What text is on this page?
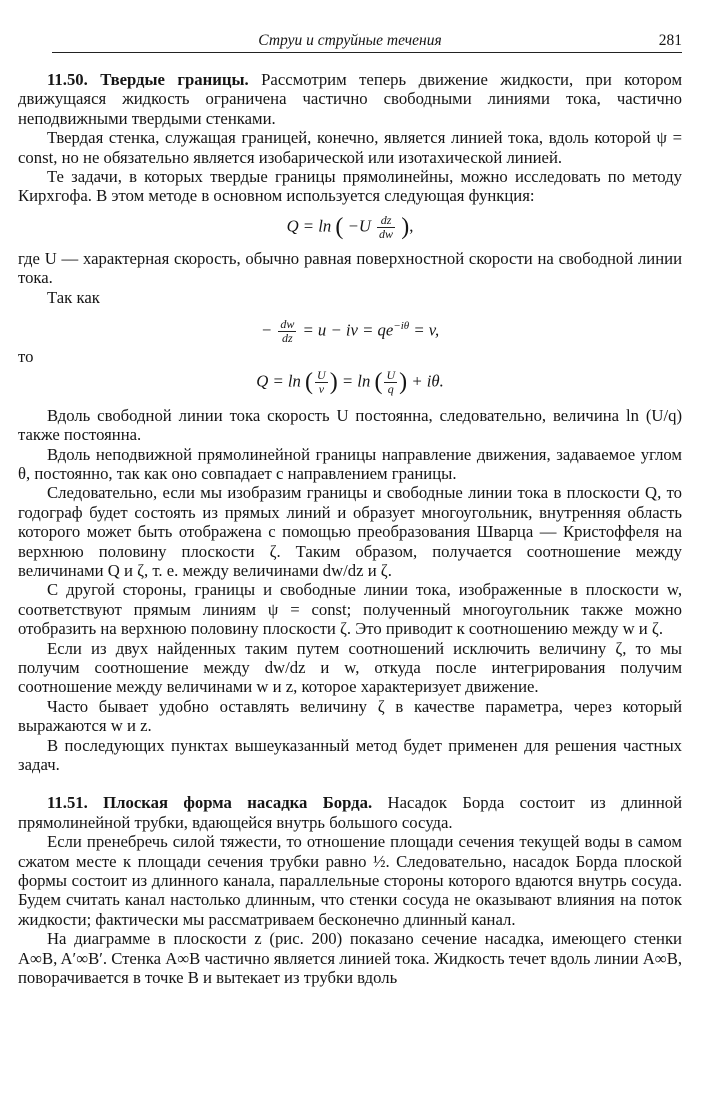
Струи и струйные течения	281

11.50. Твердые границы. Рассмотрим теперь движение жидкости, при котором движущаяся жидкость ограничена частично свободными линиями тока, частично неподвижными твердыми стенками.

Твердая стенка, служащая границей, конечно, является линией тока, вдоль которой ψ = const, но не обязательно является изобарической или изотахической линией.

Те задачи, в которых твердые границы прямолинейны, можно исследовать по методу Кирхгофа. В этом методе в основном используется следующая функция:

Q = ln ( $-U \frac{dz}{dw}$ ),

где U — характерная скорость, обычно равная поверхностной скорости на свободной линии тока.

Так как

− $\frac{dw}{dz} = u$ − iv = $qe^{-i\theta} = v$,

то

Q = ln ( $\frac{U}{v}$ ) = ln ( $\frac{U}{q}$ ) + iθ.

Вдоль свободной линии тока скорость U постоянна, следовательно, величина ln (U/q) также постоянна.

Вдоль неподвижной прямолинейной границы направление движения, задаваемое углом θ, постоянно, так как оно совпадает с направлением границы.

Следовательно, если мы изобразим границы и свободные линии тока в плоскости Q, то годограф будет состоять из прямых линий и образует многоугольник, внутренняя область которого может быть отображена с помощью преобразования Шварца — Кристоффеля на верхнюю половину плоскости ζ. Таким образом, получается соотношение между величинами Q и ζ, т. е. между величинами dw/dz и ζ.

С другой стороны, границы и свободные линии тока, изображенные в плоскости w, соответствуют прямым линиям ψ = const; полученный многоугольник также можно отобразить на верхнюю половину плоскости ζ. Это приводит к соотношению между w и ζ.

Если из двух найденных таким путем соотношений исключить величину ζ, то мы получим соотношение между dw/dz и w, откуда после интегрирования получим соотношение между величинами w и z, которое характеризует движение.

Часто бывает удобно оставлять величину ζ в качестве параметра, через который выражаются w и z.

В последующих пунктах вышеуказанный метод будет применен для решения частных задач.

11.51. Плоская форма насадка Борда. Насадок Борда состоит из длинной прямолинейной трубки, вдающейся внутрь большого сосуда.

Если пренебречь силой тяжести, то отношение площади сечения текущей воды в самом сжатом месте к площади сечения трубки равно ½. Следовательно, насадок Борда плоской формы состоит из длинного канала, параллельные стороны которого вдаются внутрь сосуда. Будем считать канал настолько длинным, что стенки сосуда не оказывают влияния на поток жидкости; фактически мы рассматриваем бесконечно длинный канал.

На диаграмме в плоскости z (рис. 200) показано сечение насадка, имеющего стенки A∞B, A′∞B′. Стенка A∞B частично является линией тока. Жидкость течет вдоль линии A∞B, поворачивается в точке B и вытекает из трубки вдоль
